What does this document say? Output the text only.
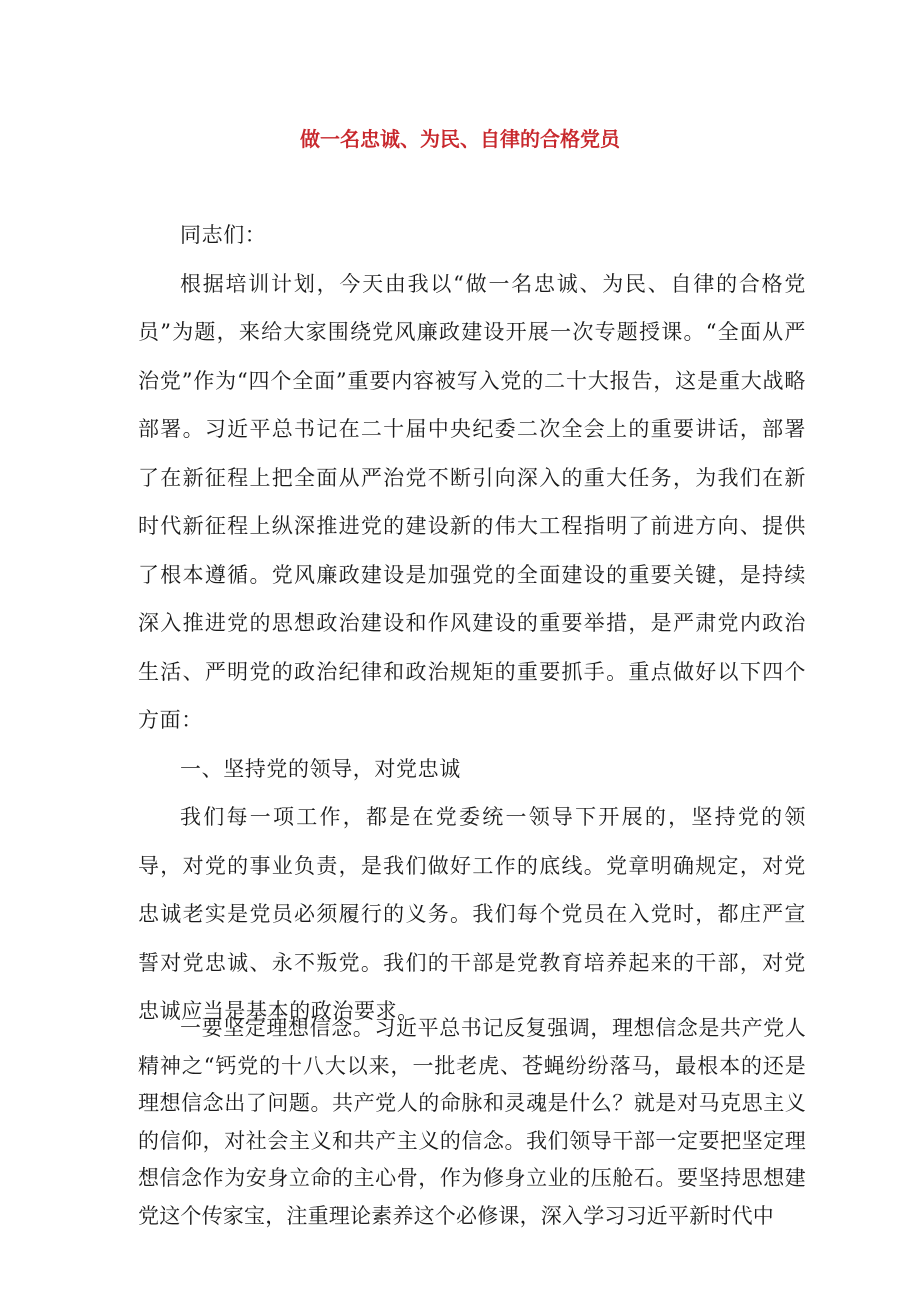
做一名忠诚、为民、自律的合格党员

同志们：

根据培训计划，今天由我以“做一名忠诚、为民、自律的合格党员”为题，来给大家围绕党风廉政建设开展一次专题授课。“全面从严治党”作为“四个全面”重要内容被写入党的二十大报告，这是重大战略部署。习近平总书记在二十届中央纪委二次全会上的重要讲话，部署了在新征程上把全面从严治党不断引向深入的重大任务，为我们在新时代新征程上纵深推进党的建设新的伟大工程指明了前进方向、提供了根本遵循。党风廉政建设是加强党的全面建设的重要关键，是持续深入推进党的思想政治建设和作风建设的重要举措，是严肃党内政治生活、严明党的政治纪律和政治规矩的重要抓手。重点做好以下四个方面：

一、坚持党的领导，对党忠诚

我们每一项工作，都是在党委统一领导下开展的，坚持党的领导，对党的事业负责，是我们做好工作的底线。党章明确规定，对党忠诚老实是党员必须履行的义务。我们每个党员在入党时，都庄严宣誓对党忠诚、永不叛党。我们的干部是党教育培养起来的干部，对党忠诚应当是基本的政治要求。

一要坚定理想信念。习近平总书记反复强调，理想信念是共产党人精神之“钙党的十八大以来，一批老虎、苍蝇纷纷落马，最根本的还是理想信念出了问题。共产党人的命脉和灵魂是什么？就是对马克思主义的信仰，对社会主义和共产主义的信念。我们领导干部一定要把坚定理想信念作为安身立命的主心骨，作为修身立业的压舱石。要坚持思想建党这个传家宝，注重理论素养这个必修课，深入学习习近平新时代中
